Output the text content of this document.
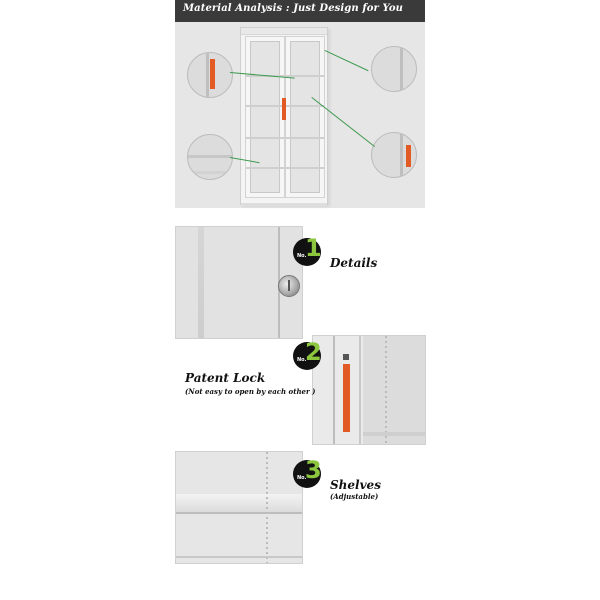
Material Analysis : Just Design for You
No.
1
Details
No.
2
Patent Lock
(Not easy to open by each other )
No.
3
Shelves
(Adjustable)
